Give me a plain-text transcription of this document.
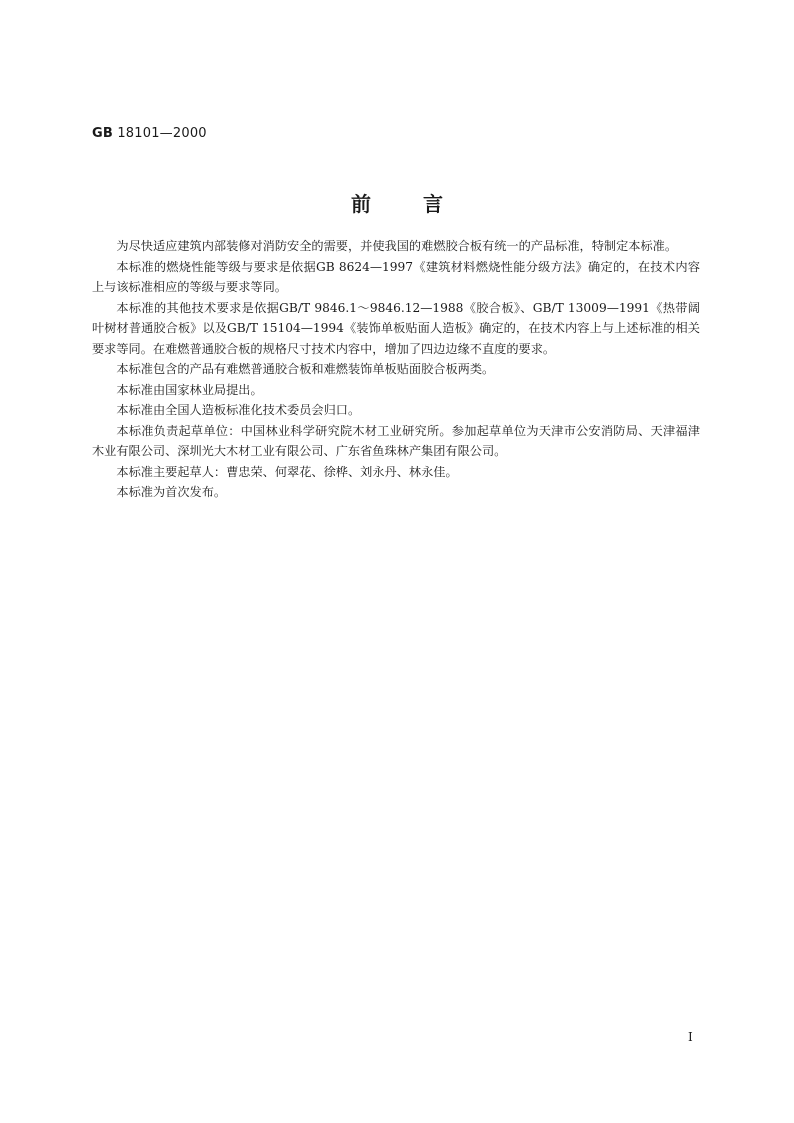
GB 18101—2000
前言

为尽快适应建筑内部装修对消防安全的需要，并使我国的难燃胶合板有统一的产品标准，特制定本标准。

本标准的燃烧性能等级与要求是依据GB 8624—1997《建筑材料燃烧性能分级方法》确定的，在技术内容上与该标准相应的等级与要求等同。

本标准的其他技术要求是依据GB/T 9846.1～9846.12—1988《胶合板》、GB/T 13009—1991《热带阔叶树材普通胶合板》以及GB/T 15104—1994《装饰单板贴面人造板》确定的，在技术内容上与上述标准的相关要求等同。在难燃普通胶合板的规格尺寸技术内容中，增加了四边边缘不直度的要求。

本标准包含的产品有难燃普通胶合板和难燃装饰单板贴面胶合板两类。

本标准由国家林业局提出。

本标准由全国人造板标准化技术委员会归口。

本标准负责起草单位：中国林业科学研究院木材工业研究所。参加起草单位为天津市公安消防局、天津福津木业有限公司、深圳光大木材工业有限公司、广东省鱼珠林产集团有限公司。

本标准主要起草人：曹忠荣、何翠花、徐桦、刘永丹、林永佳。

本标准为首次发布。

I
